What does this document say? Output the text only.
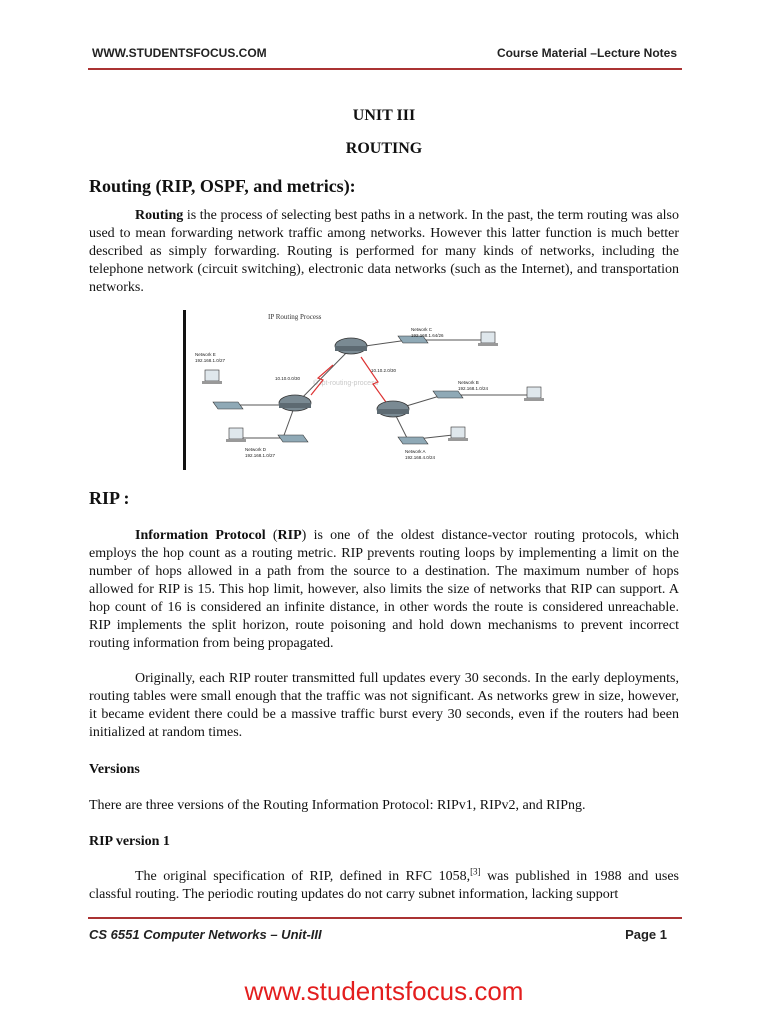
WWW.STUDENTSFOCUS.COM	Course Material –Lecture Notes
UNIT III
ROUTING
Routing (RIP, OSPF, and metrics):
Routing is the process of selecting best paths in a network. In the past, the term routing was also used to mean forwarding network traffic among networks. However this latter function is much better described as simply forwarding. Routing is performed for many kinds of networks, including the telephone network (circuit switching), electronic data networks (such as the Internet), and transportation networks.
IP Routing Process
© ipt-routing-process
Network E
192.168.1.0/27
Network C
192.168.1.64/26
Network B
192.168.1.0/24
Network A
192.168.4.0/24
Network D
192.168.1.0/27
10.10.0.0/30
10.10.2.0/30
RIP :
Information Protocol (RIP) is one of the oldest distance-vector routing protocols, which employs the hop count as a routing metric. RIP prevents routing loops by implementing a limit on the number of hops allowed in a path from the source to a destination. The maximum number of hops allowed for RIP is 15. This hop limit, however, also limits the size of networks that RIP can support. A hop count of 16 is considered an infinite distance, in other words the route is considered unreachable. RIP implements the split horizon, route poisoning and hold down mechanisms to prevent incorrect routing information from being propagated.
Originally, each RIP router transmitted full updates every 30 seconds. In the early deployments, routing tables were small enough that the traffic was not significant. As networks grew in size, however, it became evident there could be a massive traffic burst every 30 seconds, even if the routers had been initialized at random times.
Versions
There are three versions of the Routing Information Protocol: RIPv1, RIPv2, and RIPng.
RIP version 1
The original specification of RIP, defined in RFC 1058,[3] was published in 1988 and uses classful routing. The periodic routing updates do not carry subnet information, lacking support
CS 6551 Computer Networks – Unit-III	Page 1
www.studentsfocus.com
